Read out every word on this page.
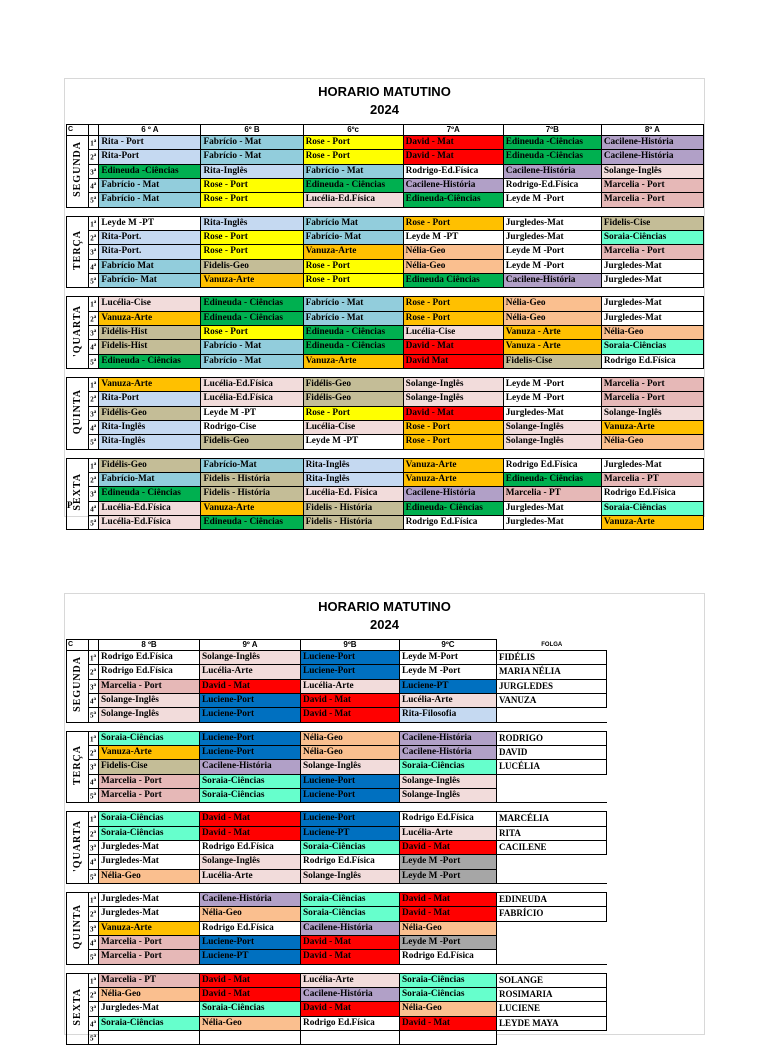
HORARIO MATUTINO
2024
C		6 º A	6º B	6ºc	7ºA	7ºB	8º A
SEGUNDA	1$^a$	Rita - Port	Fabrício - Mat	Rose - Port	David - Mat	Edineuda -Ciências	Cacilene-História
	2$^a$	Rita-Port	Fabrício - Mat	Rose - Port	David - Mat	Edineuda -Ciências	Cacilene-História
	3$^a$	Edineuda -Ciências	Rita-Inglês	Fabrício - Mat	Rodrigo-Ed.Física	Cacilene-História	Solange-Inglês
	4$^a$	Fabrício - Mat	Rose - Port	Edineuda - Ciências	Cacilene-História	Rodrigo-Ed.Física	Marcelia - Port
	5$^a$	Fabrício - Mat	Rose - Port	Lucélia-Ed.Física	Edineuda-Ciências	Leyde M -Port	Marcelia - Port

TERÇA	1$^a$	Leyde M -PT	Rita-Inglês	Fabrício Mat	Rose - Port	Jurgledes-Mat	Fidelis-Cise
	2$^a$	Rita-Port.	Rose - Port	Fabrício- Mat	Leyde M -PT	Jurgledes-Mat	Soraia-Ciências
	3$^a$	Rita-Port.	Rose - Port	Vanuza-Arte	Nélia-Geo	Leyde M -Port	Marcelia - Port
	4$^a$	Fabrício Mat	Fidelis-Geo	Rose - Port	Nélia-Geo	Leyde M -Port	Jurgledes-Mat
	5$^a$	Fabrício- Mat	Vanuza-Arte	Rose - Port	Edineuda Ciências	Cacilene-História	Jurgledes-Mat

'QUARTA	1$^a$	Lucélia-Cise	Edineuda - Ciências	Fabrício - Mat	Rose - Port	Nélia-Geo	Jurgledes-Mat
	2$^a$	Vanuza-Arte	Edineuda - Ciências	Fabrício - Mat	Rose - Port	Nélia-Geo	Jurgledes-Mat
	3$^a$	Fidélis-Hist	Rose - Port	Edineuda - Ciências	Lucélia-Cise	Vanuza - Arte	Nélia-Geo
	4$^a$	Fidelis-Hist	Fabrício - Mat	Edineuda - Ciências	David - Mat	Vanuza - Arte	Soraia-Ciências
	5$^a$	Edineuda - Ciências	Fabrício - Mat	Vanuza-Arte	David Mat	Fidelis-Cise	Rodrigo Ed.Física

QUINTA	1$^a$	Vanuza-Arte	Lucélia-Ed.Física	Fidélis-Geo	Solange-Inglês	Leyde M -Port	Marcelia - Port
	2$^a$	Rita-Port	Lucélia-Ed.Física	Fidélis-Geo	Solange-Inglês	Leyde M -Port	Marcelia - Port
	3$^a$	Fidélis-Geo	Leyde M -PT	Rose - Port	David - Mat	Jurgledes-Mat	Solange-Inglês
	4$^a$	Rita-Inglês	Rodrigo-Cise	Lucélia-Cise	Rose - Port	Solange-Inglês	Vanuza-Arte
	5$^a$	Rita-Inglês	Fidelis-Geo	Leyde M -PT	Rose - Port	Solange-Inglês	Nélia-Geo

SEXTA	1$^a$	Fidélis-Geo	Fabrício-Mat	Rita-Inglês	Vanuza-Arte	Rodrigo Ed.Física	Jurgledes-Mat
	2$^a$	Fabrício-Mat	Fidelis - História	Rita-Inglês	Vanuza-Arte	Edineuda- Ciências	Marcelia - PT
	3$^a$	Edineuda - Ciências	Fidelis - História	Lucélia-Ed. Física	Cacilene-História	Marcelia - PT	Rodrigo Ed.Física
	4$^a$	Lucélia-Ed.Física	Vanuza-Arte	Fidelis - História	Edineuda- Ciências	Jurgledes-Mat	Soraia-Ciências
	5$^a$	Lucélia-Ed.Física	Edineuda - Ciências	Fidelis - História	Rodrigo Ed.Física	Jurgledes-Mat	Vanuza-Arte
P
HORARIO MATUTINO
2024
C		8 ºB	9º A	9ºB	9ºC	FOLGA
SEGUNDA	1$^a$	Rodrigo Ed.Física	Solange-Inglês	Luciene-Port	Leyde M-Port	FIDÉLIS
	2$^a$	Rodrigo Ed.Física	Lucélia-Arte	Luciene-Port	Leyde M -Port	MARIA NÉLIA
	3$^a$	Marcelia - Port	David - Mat	Lucélia-Arte	Luciene-PT	JURGLEDES
	4$^a$	Solange-Inglês	Luciene-Port	David - Mat	Lucélia-Arte	VANUZA
	5$^a$	Solange-Inglês	Luciene-Port	David - Mat	Rita-Filosofia	

TERÇA	1$^a$	Soraia-Ciências	Luciene-Port	Nélia-Geo	Cacilene-História	RODRIGO
	2$^a$	Vanuza-Arte	Luciene-Port	Nélia-Geo	Cacilene-História	DAVID
	3$^a$	Fidelis-Cise	Cacilene-História	Solange-Inglês	Soraia-Ciências	LUCÉLIA
	4$^a$	Marcelia - Port	Soraia-Ciências	Luciene-Port	Solange-Inglês	
	5$^a$	Marcelia - Port	Soraia-Ciências	Luciene-Port	Solange-Inglês	

'QUARTA	1$^a$	Soraia-Ciências	David - Mat	Luciene-Port	Rodrigo Ed.Física	MARCÉLIA
	2$^a$	Soraia-Ciências	David - Mat	Luciene-PT	Lucélia-Arte	RITA
	3$^a$	Jurgledes-Mat	Rodrigo Ed.Física	Soraia-Ciências	David - Mat	CACILENE
	4$^a$	Jurgledes-Mat	Solange-Inglês	Rodrigo Ed.Física	Leyde M -Port	
	5$^a$	Nélia-Geo	Lucélia-Arte	Solange-Inglês	Leyde M -Port	

QUINTA	1$^a$	Jurgledes-Mat	Cacilene-História	Soraia-Ciências	David - Mat	EDINEUDA
	2$^a$	Jurgledes-Mat	Nélia-Geo	Soraia-Ciências	David - Mat	FABRÍCIO
	3$^a$	Vanuza-Arte	Rodrigo Ed.Física	Cacilene-História	Nélia-Geo	
	4$^a$	Marcelia - Port	Luciene-Port	David - Mat	Leyde M -Port	
	5$^a$	Marcelia - Port	Luciene-PT	David - Mat	Rodrigo Ed.Física	

SEXTA	1$^a$	Marcelia - PT	David - Mat	Lucélia-Arte	Soraia-Ciências	SOLANGE
	2$^a$	Nélia-Geo	David - Mat	Cacilene-História	Soraia-Ciências	ROSIMARIA
	3$^a$	Jurgledes-Mat	Soraia-Ciências	David - Mat	Nélia-Geo	LUCIENE
	4$^a$	Soraia-Ciências	Nélia-Geo	Rodrigo Ed.Física	David - Mat	LEYDE MAYA
	5$^a$					
